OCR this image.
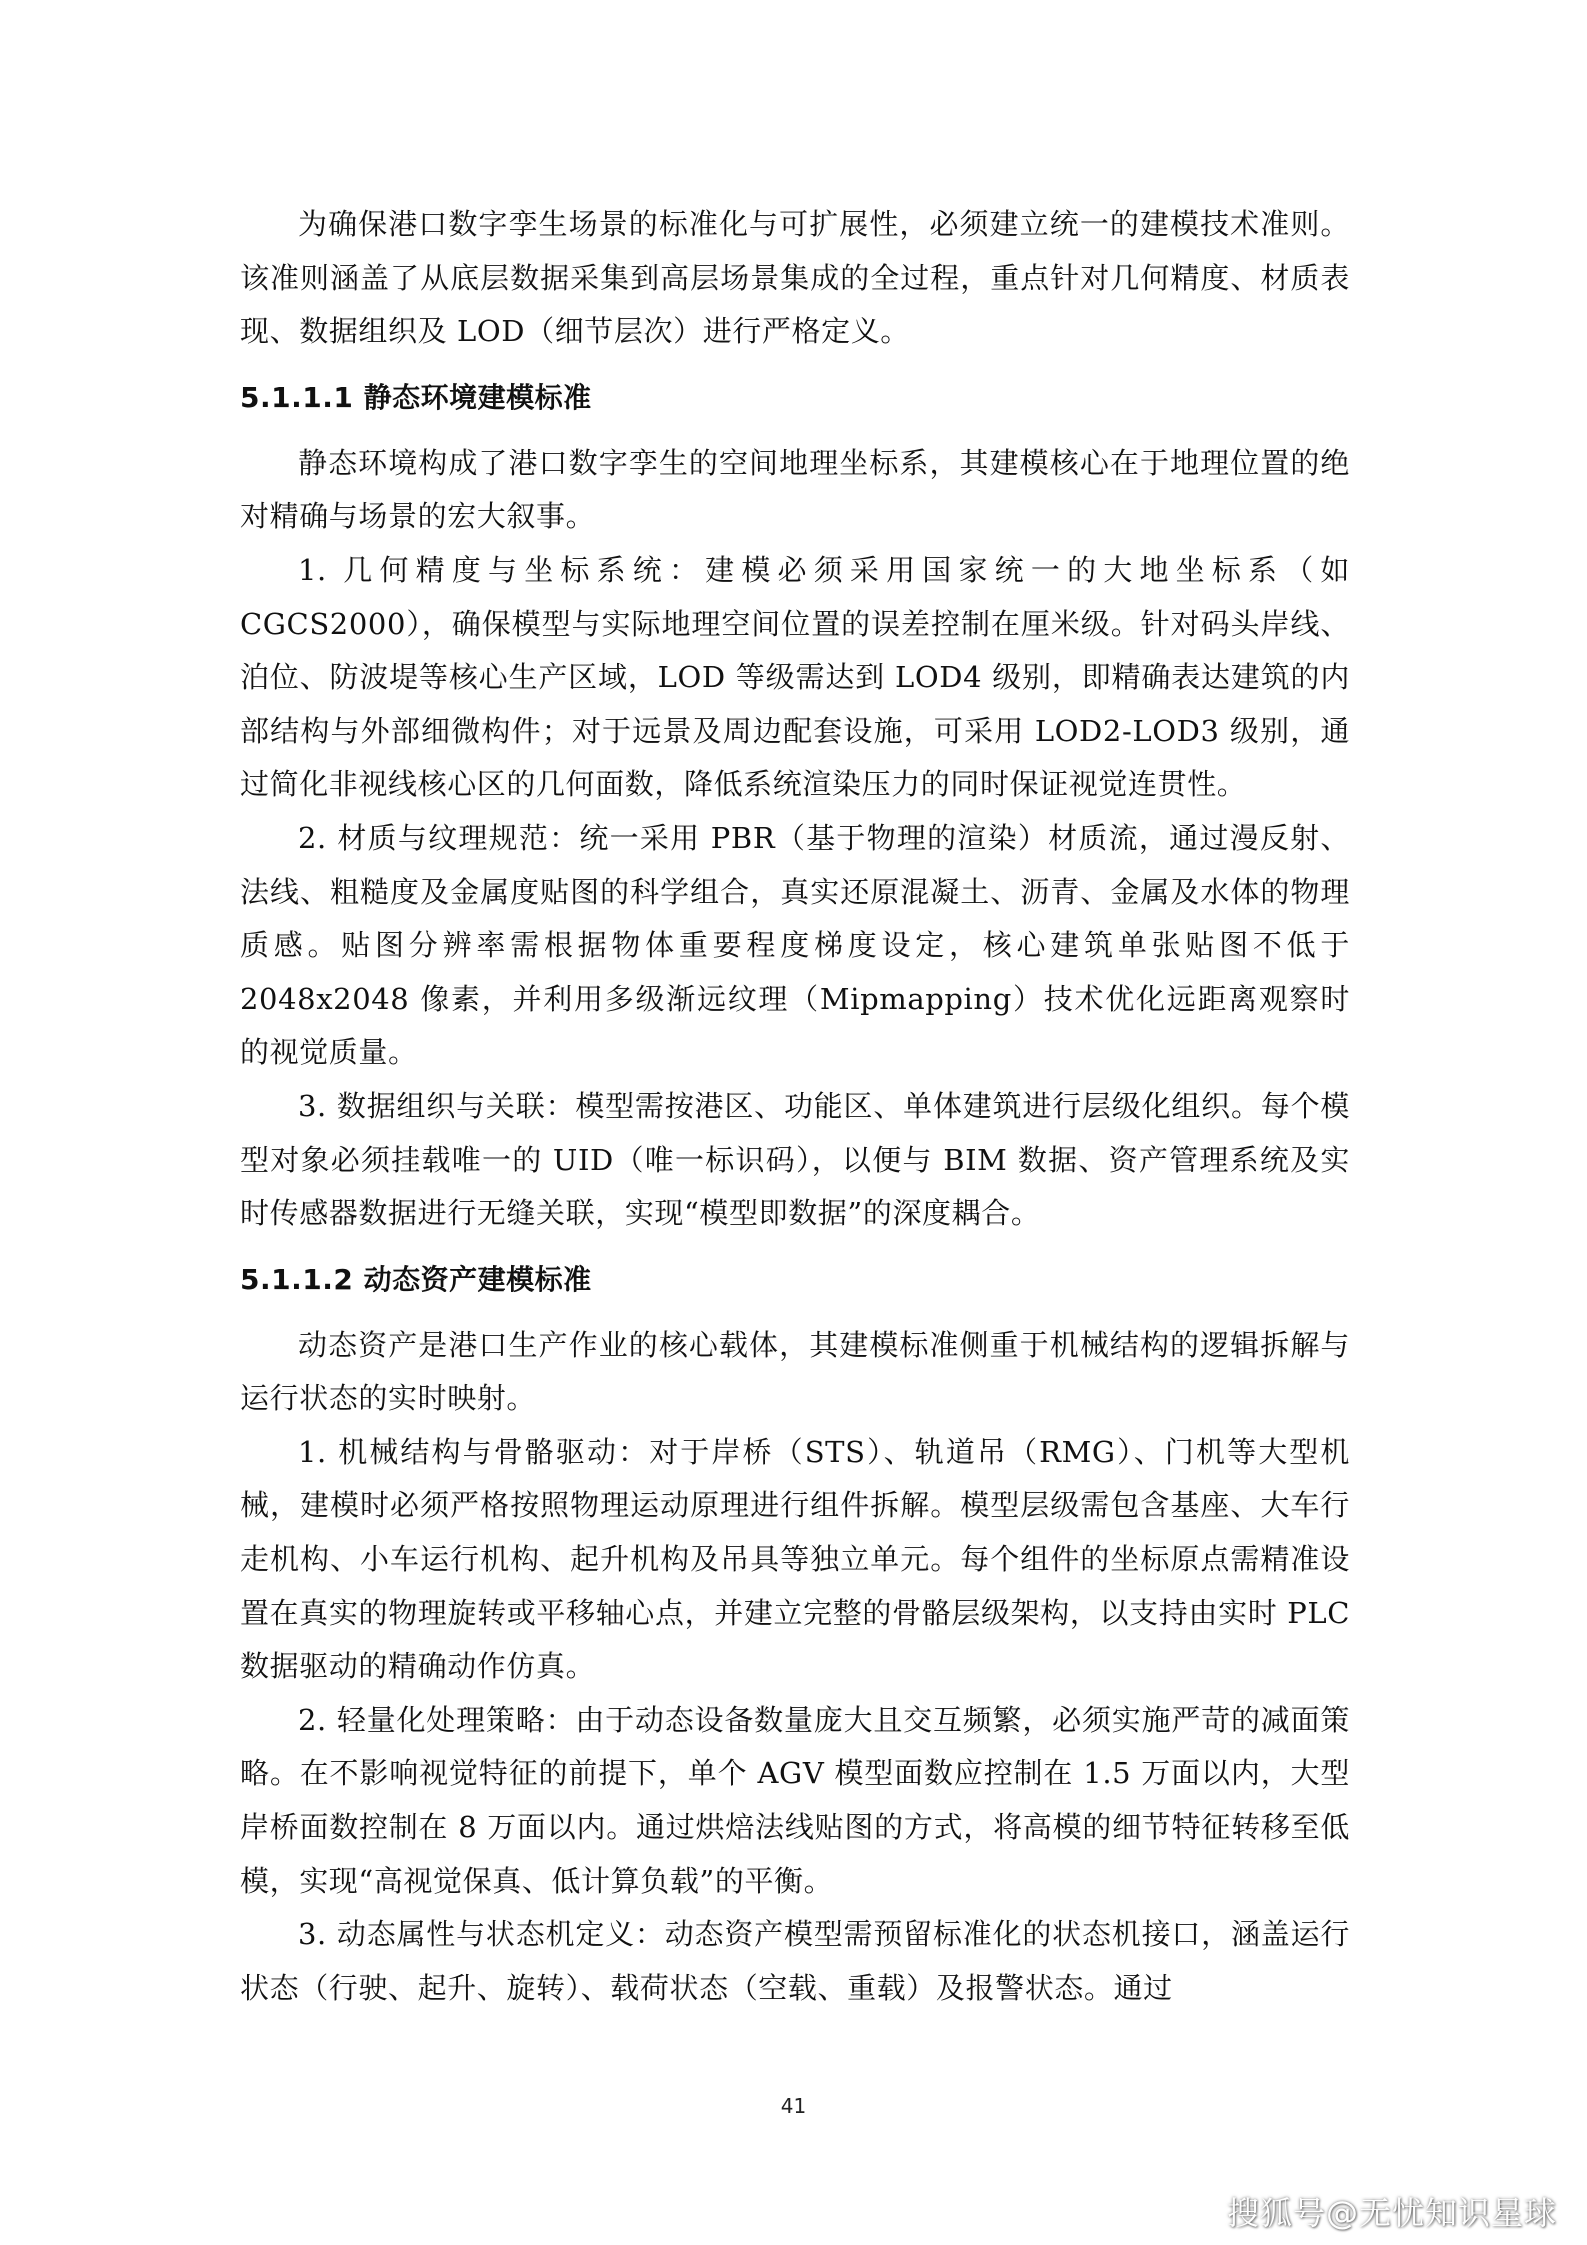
为确保港口数字孪生场景的标准化与可扩展性，必须建立统一的建模技术准则。该准则涵盖了从底层数据采集到高层场景集成的全过程，重点针对几何精度、材质表现、数据组织及 LOD（细节层次）进行严格定义。

5.1.1.1 静态环境建模标准

静态环境构成了港口数字孪生的空间地理坐标系，其建模核心在于地理位置的绝对精确与场景的宏大叙事。

1. 几何精度与坐标系统：建模必须采用国家统一的大地坐标系（如CGCS2000），确保模型与实际地理空间位置的误差控制在厘米级。针对码头岸线、泊位、防波堤等核心生产区域，LOD 等级需达到 LOD4 级别，即精确表达建筑的内部结构与外部细微构件；对于远景及周边配套设施，可采用 LOD2-LOD3 级别，通过简化非视线核心区的几何面数，降低系统渲染压力的同时保证视觉连贯性。

2. 材质与纹理规范：统一采用 PBR（基于物理的渲染）材质流，通过漫反射、法线、粗糙度及金属度贴图的科学组合，真实还原混凝土、沥青、金属及水体的物理质感。贴图分辨率需根据物体重要程度梯度设定，核心建筑单张贴图不低于 2048x2048 像素，并利用多级渐远纹理（Mipmapping）技术优化远距离观察时的视觉质量。

3. 数据组织与关联：模型需按港区、功能区、单体建筑进行层级化组织。每个模型对象必须挂载唯一的 UID（唯一标识码），以便与 BIM 数据、资产管理系统及实时传感器数据进行无缝关联，实现“模型即数据”的深度耦合。

5.1.1.2 动态资产建模标准

动态资产是港口生产作业的核心载体，其建模标准侧重于机械结构的逻辑拆解与运行状态的实时映射。

1. 机械结构与骨骼驱动：对于岸桥（STS）、轨道吊（RMG）、门机等大型机械，建模时必须严格按照物理运动原理进行组件拆解。模型层级需包含基座、大车行走机构、小车运行机构、起升机构及吊具等独立单元。每个组件的坐标原点需精准设置在真实的物理旋转或平移轴心点，并建立完整的骨骼层级架构，以支持由实时 PLC 数据驱动的精确动作仿真。

2. 轻量化处理策略：由于动态设备数量庞大且交互频繁，必须实施严苛的减面策略。在不影响视觉特征的前提下，单个 AGV 模型面数应控制在 1.5 万面以内，大型岸桥面数控制在 8 万面以内。通过烘焙法线贴图的方式，将高模的细节特征转移至低模，实现“高视觉保真、低计算负载”的平衡。

3. 动态属性与状态机定义：动态资产模型需预留标准化的状态机接口，涵盖运行状态（行驶、起升、旋转）、载荷状态（空载、重载）及报警状态。通过

41
搜狐号@无忧知识星球
